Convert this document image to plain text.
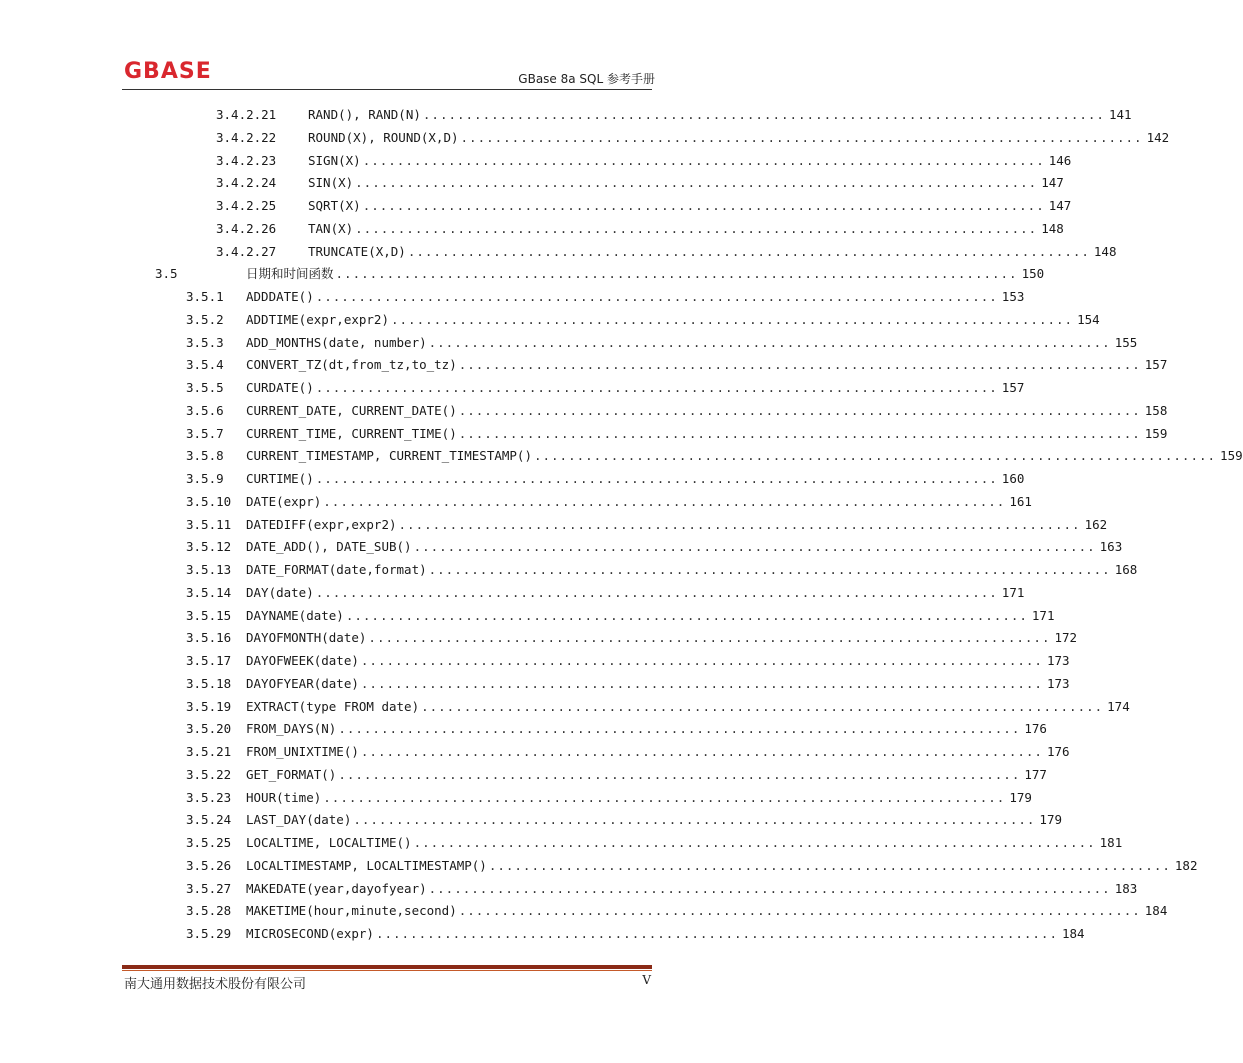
GBASE	GBase 8a SQL 参考手册
3.4.2.21	RAND(), RAND(N) ................................................................................ 141
3.4.2.22	ROUND(X), ROUND(X,D) ................................................................................ 142
3.4.2.23	SIGN(X) ................................................................................ 146
3.4.2.24	SIN(X) ................................................................................ 147
3.4.2.25	SQRT(X) ................................................................................ 147
3.4.2.26	TAN(X) ................................................................................ 148
3.4.2.27	TRUNCATE(X,D) ................................................................................ 148
3.5	日期和时间函数 ................................................................................ 150
3.5.1 ADDDATE() ................................................................................ 153
3.5.2 ADDTIME(expr,expr2) ................................................................................ 154
3.5.3 ADD_MONTHS(date, number) ................................................................................ 155
3.5.4 CONVERT_TZ(dt,from_tz,to_tz) ................................................................................ 157
3.5.5 CURDATE() ................................................................................ 157
3.5.6 CURRENT_DATE, CURRENT_DATE() ................................................................................ 158
3.5.7 CURRENT_TIME, CURRENT_TIME() ................................................................................ 159
3.5.8 CURRENT_TIMESTAMP, CURRENT_TIMESTAMP() ................................................................................ 159
3.5.9 CURTIME() ................................................................................ 160
3.5.10 DATE(expr) ................................................................................ 161
3.5.11 DATEDIFF(expr,expr2) ................................................................................ 162
3.5.12 DATE_ADD(), DATE_SUB() ................................................................................ 163
3.5.13 DATE_FORMAT(date,format) ................................................................................ 168
3.5.14 DAY(date) ................................................................................ 171
3.5.15 DAYNAME(date) ................................................................................ 171
3.5.16 DAYOFMONTH(date) ................................................................................ 172
3.5.17 DAYOFWEEK(date) ................................................................................ 173
3.5.18 DAYOFYEAR(date) ................................................................................ 173
3.5.19 EXTRACT(type FROM date) ................................................................................ 174
3.5.20 FROM_DAYS(N) ................................................................................ 176
3.5.21 FROM_UNIXTIME() ................................................................................ 176
3.5.22 GET_FORMAT() ................................................................................ 177
3.5.23 HOUR(time) ................................................................................ 179
3.5.24 LAST_DAY(date) ................................................................................ 179
3.5.25 LOCALTIME, LOCALTIME() ................................................................................ 181
3.5.26 LOCALTIMESTAMP, LOCALTIMESTAMP() ................................................................................ 182
3.5.27 MAKEDATE(year,dayofyear) ................................................................................ 183
3.5.28 MAKETIME(hour,minute,second) ................................................................................ 184
3.5.29 MICROSECOND(expr) ................................................................................ 184
南大通用数据技术股份有限公司	V
